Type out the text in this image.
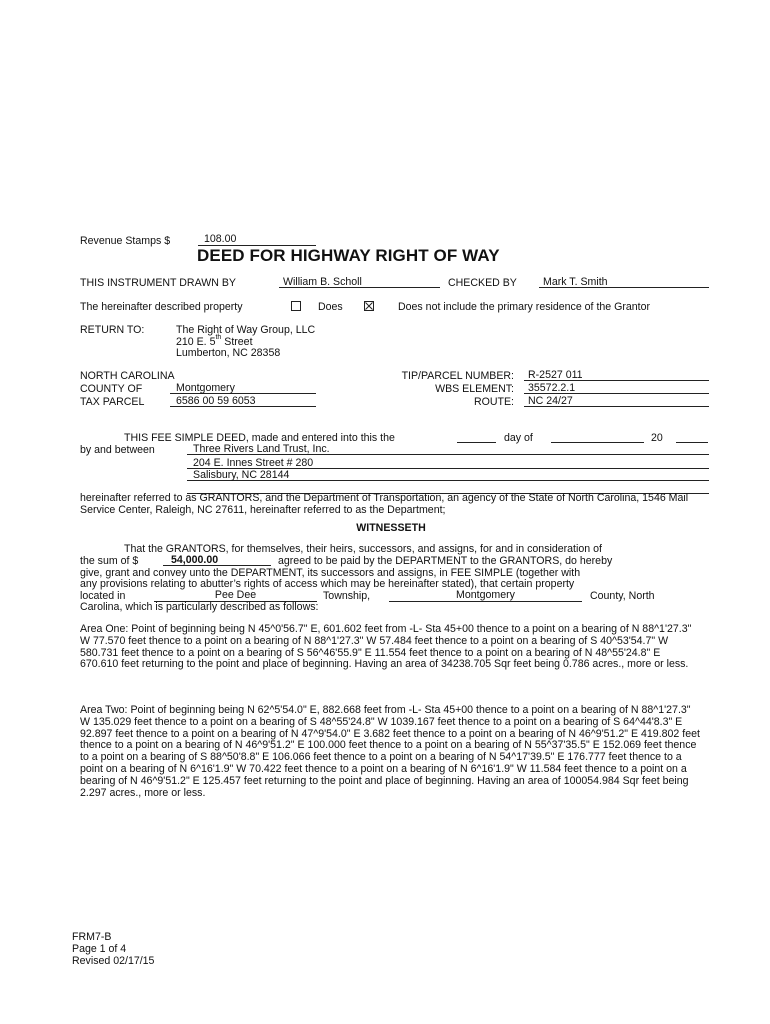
Revenue Stamps $	108.00
DEED FOR HIGHWAY RIGHT OF WAY
THIS INSTRUMENT DRAWN BY	William B. Scholl	CHECKED BY	Mark T. Smith
The hereinafter described property	Does	Does not include the primary residence of the Grantor
RETURN TO:	The Right of Way Group, LLC
210 E. 5th Street
Lumberton, NC 28358
NORTH CAROLINA
COUNTY OF	Montgomery
TAX PARCEL	6586 00 59 6053
TIP/PARCEL NUMBER:	R-2527 011
WBS ELEMENT:	35572.2.1
ROUTE:	NC 24/27
THIS FEE SIMPLE DEED, made and entered into this the	day of	20
by and between	Three Rivers Land Trust, Inc.
204 E. Innes Street # 280
Salisbury, NC 28144
hereinafter referred to as GRANTORS, and the Department of Transportation, an agency of the State of North Carolina, 1546 Mail Service Center, Raleigh, NC 27611, hereinafter referred to as the Department;
WITNESSETH
That the GRANTORS, for themselves, their heirs, successors, and assigns, for and in consideration of
the sum of $	54,000.00	agreed to be paid by the DEPARTMENT to the GRANTORS, do hereby
give, grant and convey unto the DEPARTMENT, its successors and assigns, in FEE SIMPLE (together with
any provisions relating to abutter’s rights of access which may be hereinafter stated), that certain property
located in	Pee Dee	Township,	Montgomery	County, North
Carolina, which is particularly described as follows:
Area One: Point of beginning being N 45^0'56.7" E, 601.602 feet from -L- Sta 45+00 thence to a point on a bearing of N 88^1'27.3" W 77.570 feet thence to a point on a bearing of N 88^1'27.3" W 57.484 feet thence to a point on a bearing of S 40^53'54.7" W 580.731 feet thence to a point on a bearing of S 56^46'55.9" E 11.554 feet thence to a point on a bearing of N 48^55'24.8" E 670.610 feet returning to the point and place of beginning. Having an area of 34238.705 Sqr feet being 0.786 acres., more or less.
Area Two: Point of beginning being N 62^5'54.0" E, 882.668 feet from -L- Sta 45+00 thence to a point on a bearing of N 88^1'27.3" W 135.029 feet thence to a point on a bearing of S 48^55'24.8" W 1039.167 feet thence to a point on a bearing of S 64^44'8.3" E 92.897 feet thence to a point on a bearing of N 47^9'54.0" E 3.682 feet thence to a point on a bearing of N 46^9'51.2" E 419.802 feet thence to a point on a bearing of N 46^9'51.2" E 100.000 feet thence to a point on a bearing of N 55^37'35.5" E 152.069 feet thence to a point on a bearing of S 88^50'8.8" E 106.066 feet thence to a point on a bearing of N 54^17'39.5" E 176.777 feet thence to a point on a bearing of N 6^16'1.9" W 70.422 feet thence to a point on a bearing of N 6^16'1.9" W 11.584 feet thence to a point on a bearing of N 46^9'51.2" E 125.457 feet returning to the point and place of beginning. Having an area of 100054.984 Sqr feet being 2.297 acres., more or less.
FRM7-B
Page 1 of 4
Revised 02/17/15
